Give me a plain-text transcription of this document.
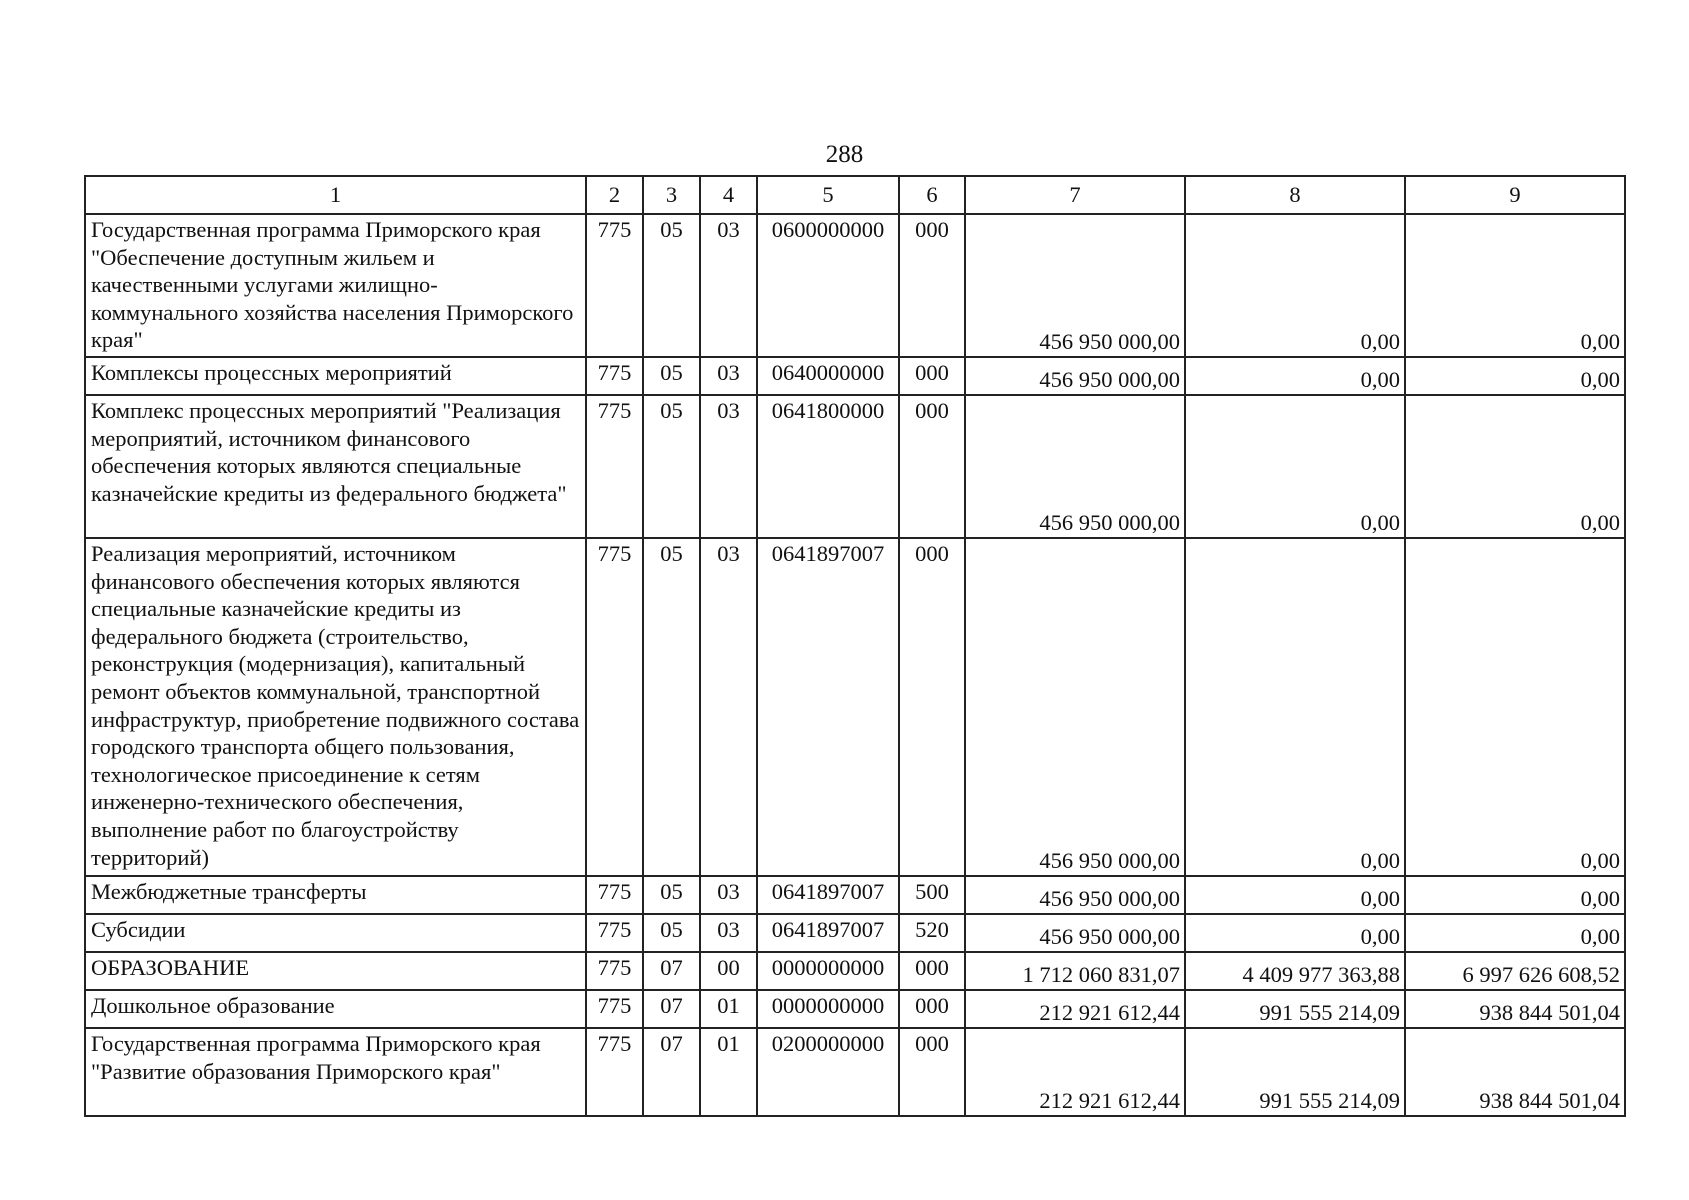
288
1	2	3	4	5	6	7	8	9
Государственная программа Приморского края "Обеспечение доступным жильем и качественными услугами жилищно-коммунального хозяйства населения Приморского края"	775	05	03	0600000000	000	456 950 000,00	0,00	0,00
Комплексы процессных мероприятий	775	05	03	0640000000	000	456 950 000,00	0,00	0,00
Комплекс процессных мероприятий "Реализация мероприятий, источником финансового обеспечения которых являются специальные казначейские кредиты из федерального бюджета"	775	05	03	0641800000	000	456 950 000,00	0,00	0,00
Реализация мероприятий, источником финансового обеспечения которых являются специальные казначейские кредиты из федерального бюджета (строительство, реконструкция (модернизация), капитальный ремонт объектов коммунальной, транспортной инфраструктур, приобретение подвижного состава городского транспорта общего пользования, технологическое присоединение к сетям инженерно-технического обеспечения, выполнение работ по благоустройству территорий)	775	05	03	0641897007	000	456 950 000,00	0,00	0,00
Межбюджетные трансферты	775	05	03	0641897007	500	456 950 000,00	0,00	0,00
Субсидии	775	05	03	0641897007	520	456 950 000,00	0,00	0,00
ОБРАЗОВАНИЕ	775	07	00	0000000000	000	1 712 060 831,07	4 409 977 363,88	6 997 626 608,52
Дошкольное образование	775	07	01	0000000000	000	212 921 612,44	991 555 214,09	938 844 501,04
Государственная программа Приморского края "Развитие образования Приморского края"	775	07	01	0200000000	000	212 921 612,44	991 555 214,09	938 844 501,04
